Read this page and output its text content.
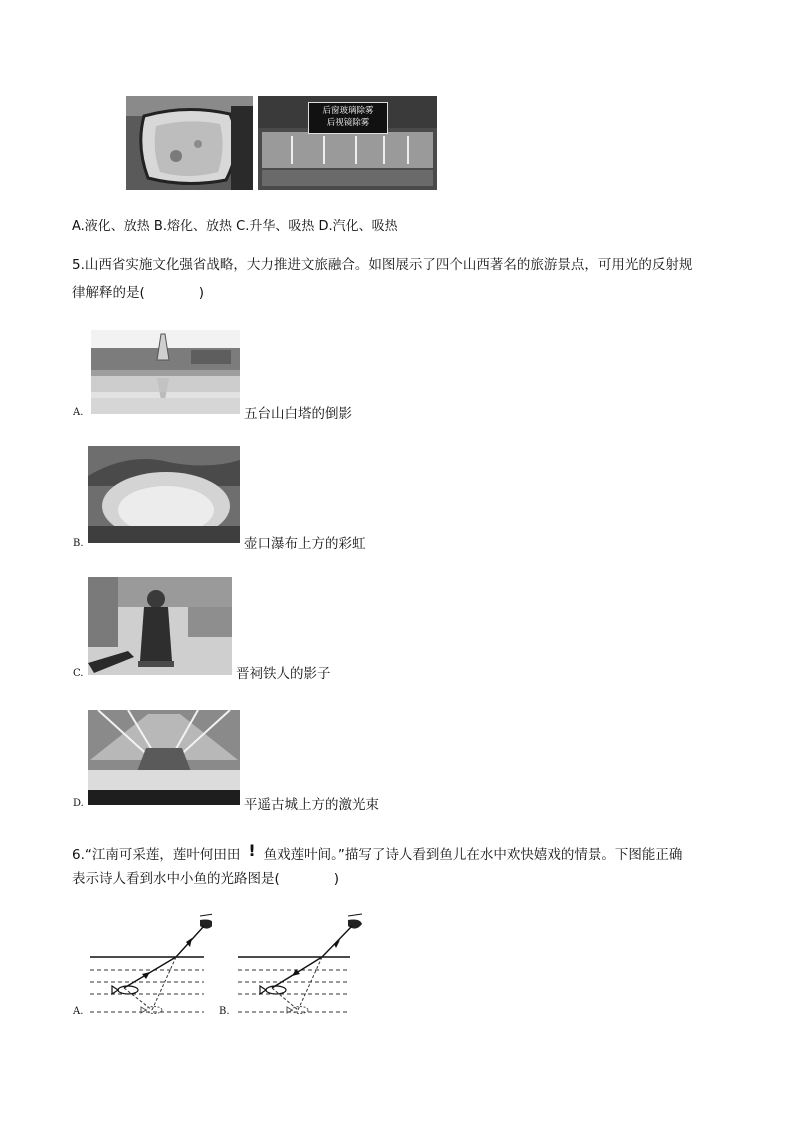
后窗玻璃除雾
后视镜除雾
A.液化、放热 B.熔化、放热 C.升华、吸热 D.汽化、吸热
5.山西省实施文化强省战略，大力推进文旅融合。如图展示了四个山西著名的旅游景点，可用光的反射规
律解释的是(　　　　)
A.	五台山白塔的倒影
B.	壶口瀑布上方的彩虹
C.	晋祠铁人的影子
D.	平遥古城上方的激光束
6.“江南可采莲，莲叶何田田 ! 鱼戏莲叶间。”描写了诗人看到鱼儿在水中欢快嬉戏的情景。下图能正确
表示诗人看到水中小鱼的光路图是(　　　　)
A.	B.
